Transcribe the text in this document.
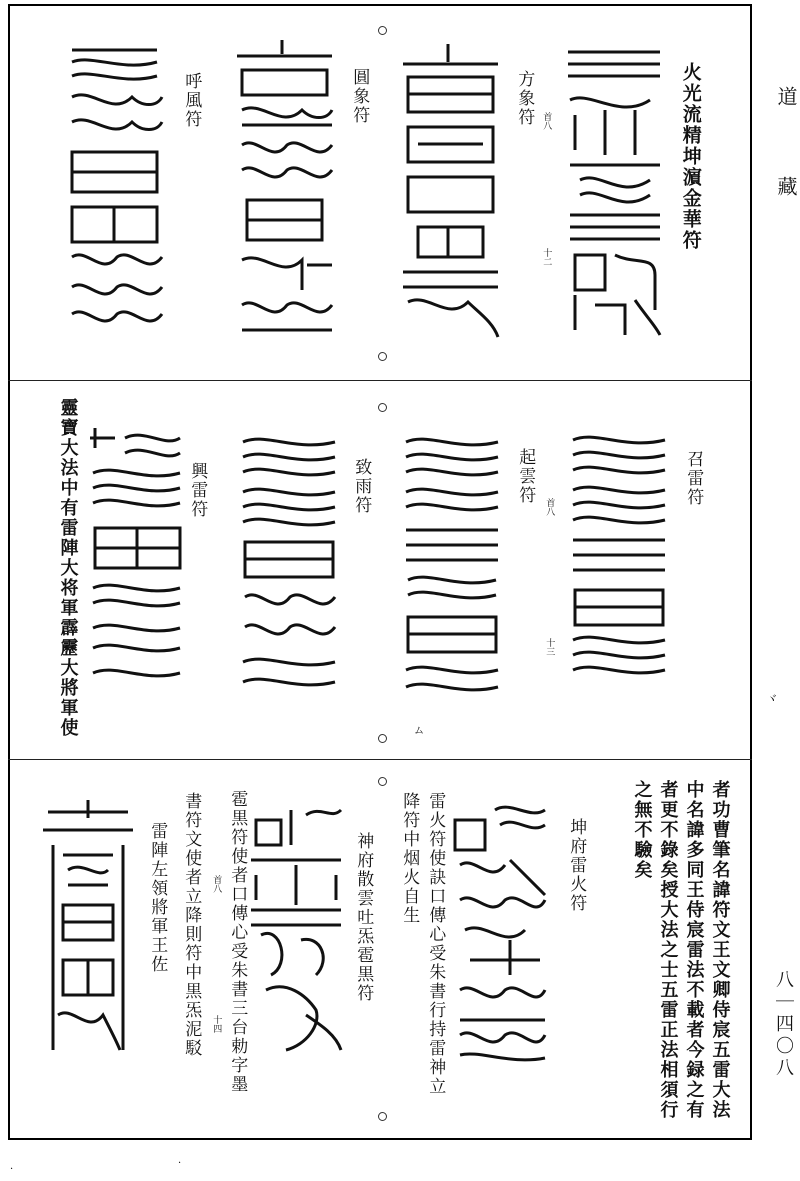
道
藏
八｜四〇八
ヾ
火光流精坤濵金華符
方象符 首八
十二
圓象符
呼風符
召雷符
起雲符
首八
十三
致雨符
興雷符
靈寶大法中有雷陣大将軍霹靂大將軍使	ム
者功曹筆名諱符文王文卿侍宸五雷大法
中名諱多同王侍宸雷法不載者今録之有
者更不錄矣授大法之士五雷正法相須行
之無不驗矣
坤府雷火符
雷火符使訣口傳心受朱書行持雷神立
降符中烟火自生
神府散雲吐炁雹黒符
雹黒符使者口傳心受朱書三台勅字墨
首八
十四
書符文使者立降則符中黒炁泥駁
雷陣左領將軍王佐
·
·
